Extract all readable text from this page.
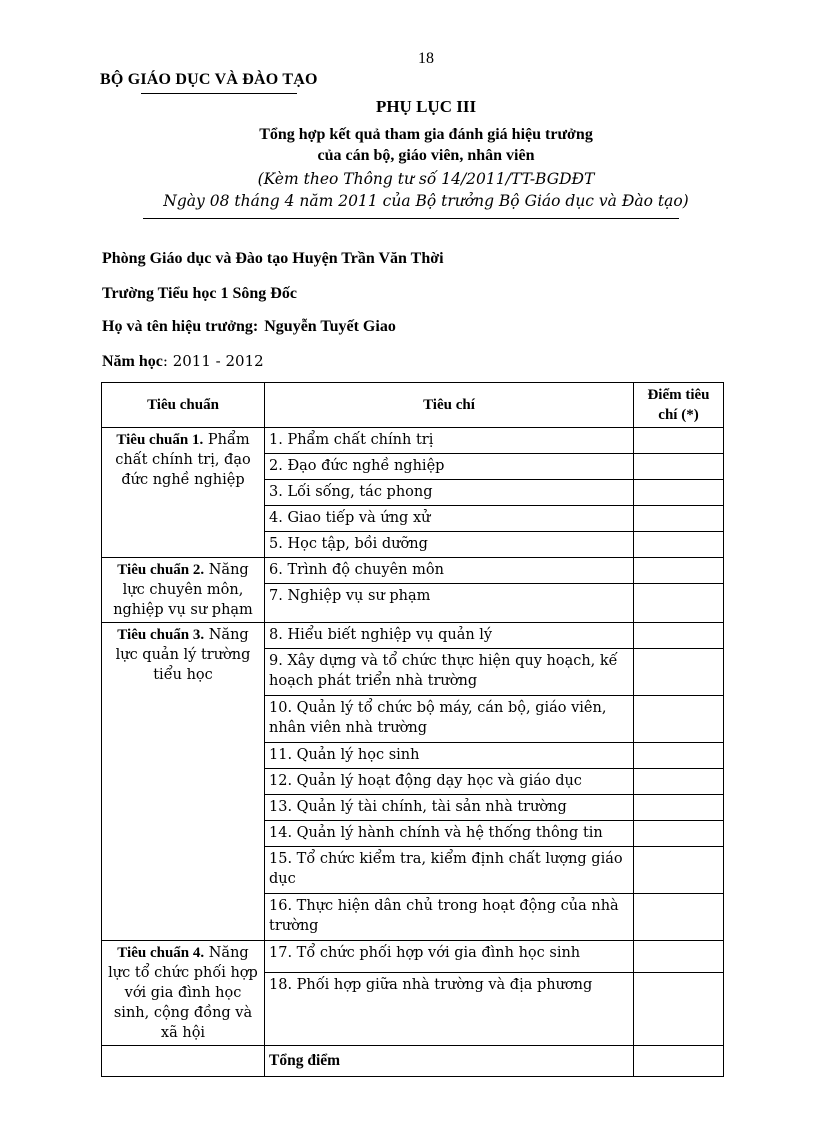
18
BỘ GIÁO DỤC VÀ ĐÀO TẠO
PHỤ LỤC III
Tổng hợp kết quả tham gia đánh giá hiệu trưởng
của cán bộ, giáo viên, nhân viên
(Kèm theo Thông tư số 14/2011/TT-BGDĐT
Ngày 08 tháng 4 năm 2011 của Bộ trưởng Bộ Giáo dục và Đào tạo)
Phòng Giáo dục và Đào tạo Huyện Trần Văn Thời
Trường Tiểu học 1 Sông Đốc
Họ và tên hiệu trưởng: Nguyễn Tuyết Giao
Năm học: 2011 - 2012
Tiêu chuẩn	Tiêu chí	Điểm tiêu chí (*)
Tiêu chuẩn 1. Phẩm chất chính trị, đạo đức nghề nghiệp	1. Phẩm chất chính trị	
	2. Đạo đức nghề nghiệp	
	3. Lối sống, tác phong	
	4. Giao tiếp và ứng xử	
	5. Học tập, bồi dưỡng	
Tiêu chuẩn 2. Năng lực chuyên môn, nghiệp vụ sư phạm	6. Trình độ chuyên môn	
	7. Nghiệp vụ sư phạm	
Tiêu chuẩn 3. Năng lực quản lý trường tiểu học	8. Hiểu biết nghiệp vụ quản lý	
	9. Xây dựng và tổ chức thực hiện quy hoạch, kế hoạch phát triển nhà trường	
	10. Quản lý tổ chức bộ máy, cán bộ, giáo viên, nhân viên nhà trường	
	11. Quản lý học sinh	
	12. Quản lý hoạt động dạy học và giáo dục	
	13. Quản lý tài chính, tài sản nhà trường	
	14. Quản lý hành chính và hệ thống thông tin	
	15. Tổ chức kiểm tra, kiểm định chất lượng giáo dục	
	16. Thực hiện dân chủ trong hoạt động của nhà trường	
Tiêu chuẩn 4. Năng lực tổ chức phối hợp với gia đình học sinh, cộng đồng và xã hội	17. Tổ chức phối hợp với gia đình học sinh	
	18. Phối hợp giữa nhà trường và địa phương	
	Tổng điểm	
